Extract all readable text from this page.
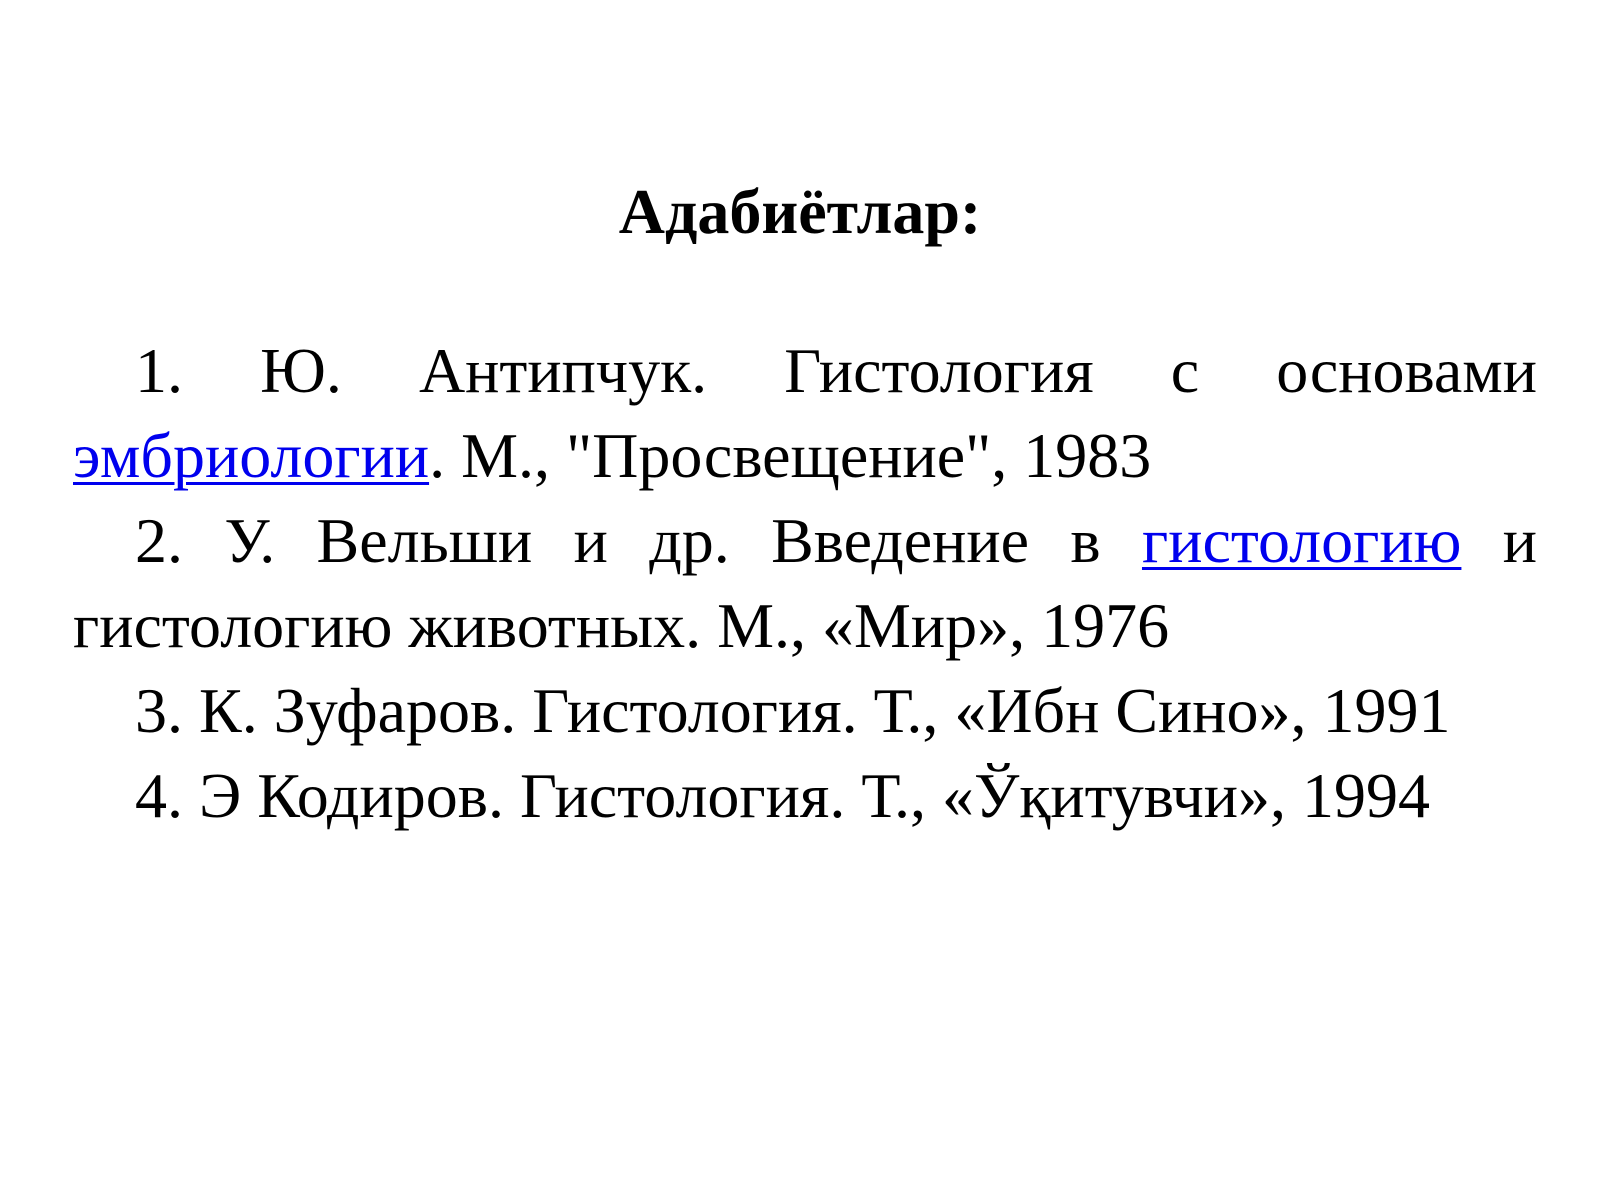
Адабиётлар:
1. Ю. Антипчук. Гистология с основами эмбриологии. М., "Просвещение", 1983
2. У. Вельши и др. Введение в гистологию и гистологию животных. М., «Мир», 1976
3. К. Зуфаров. Гистология. Т., «Ибн Сино», 1991
4. Э Кодиров. Гистология. Т., «Ўқитувчи», 1994
